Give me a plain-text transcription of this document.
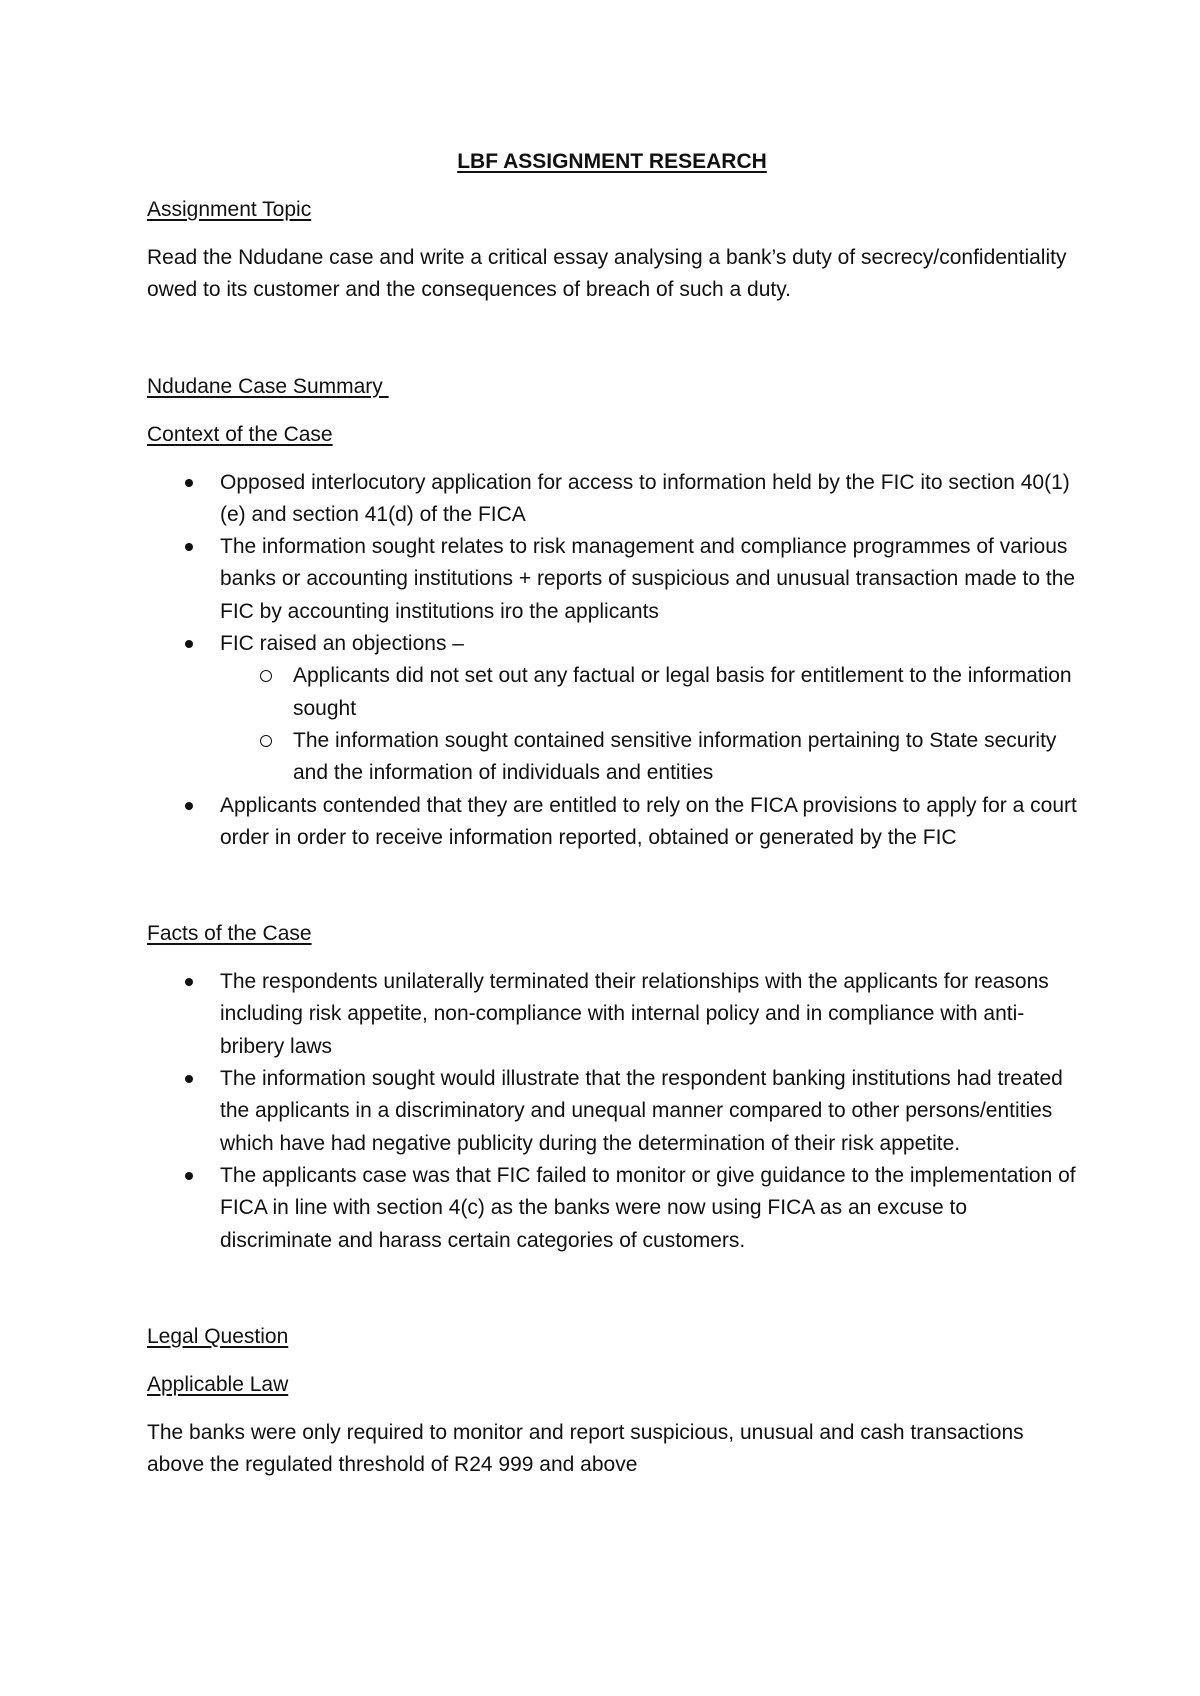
LBF ASSIGNMENT RESEARCH
Assignment Topic
Read the Ndudane case and write a critical essay analysing a bank’s duty of secrecy/confidentiality owed to its customer and the consequences of breach of such a duty.
Ndudane Case Summary
Context of the Case
Opposed interlocutory application for access to information held by the FIC ito section 40(1)(e) and section 41(d) of the FICA
The information sought relates to risk management and compliance programmes of various banks or accounting institutions + reports of suspicious and unusual transaction made to the FIC by accounting institutions iro the applicants
FIC raised an objections –
Applicants did not set out any factual or legal basis for entitlement to the information sought
The information sought contained sensitive information pertaining to State security and the information of individuals and entities
Applicants contended that they are entitled to rely on the FICA provisions to apply for a court order in order to receive information reported, obtained or generated by the FIC
Facts of the Case
The respondents unilaterally terminated their relationships with the applicants for reasons including risk appetite, non-compliance with internal policy and in compliance with anti-bribery laws
The information sought would illustrate that the respondent banking institutions had treated the applicants in a discriminatory and unequal manner compared to other persons/entities which have had negative publicity during the determination of their risk appetite.
The applicants case was that FIC failed to monitor or give guidance to the implementation of FICA in line with section 4(c) as the banks were now using FICA as an excuse to discriminate and harass certain categories of customers.
Legal Question
Applicable Law
The banks were only required to monitor and report suspicious, unusual and cash transactions above the regulated threshold of R24 999 and above
